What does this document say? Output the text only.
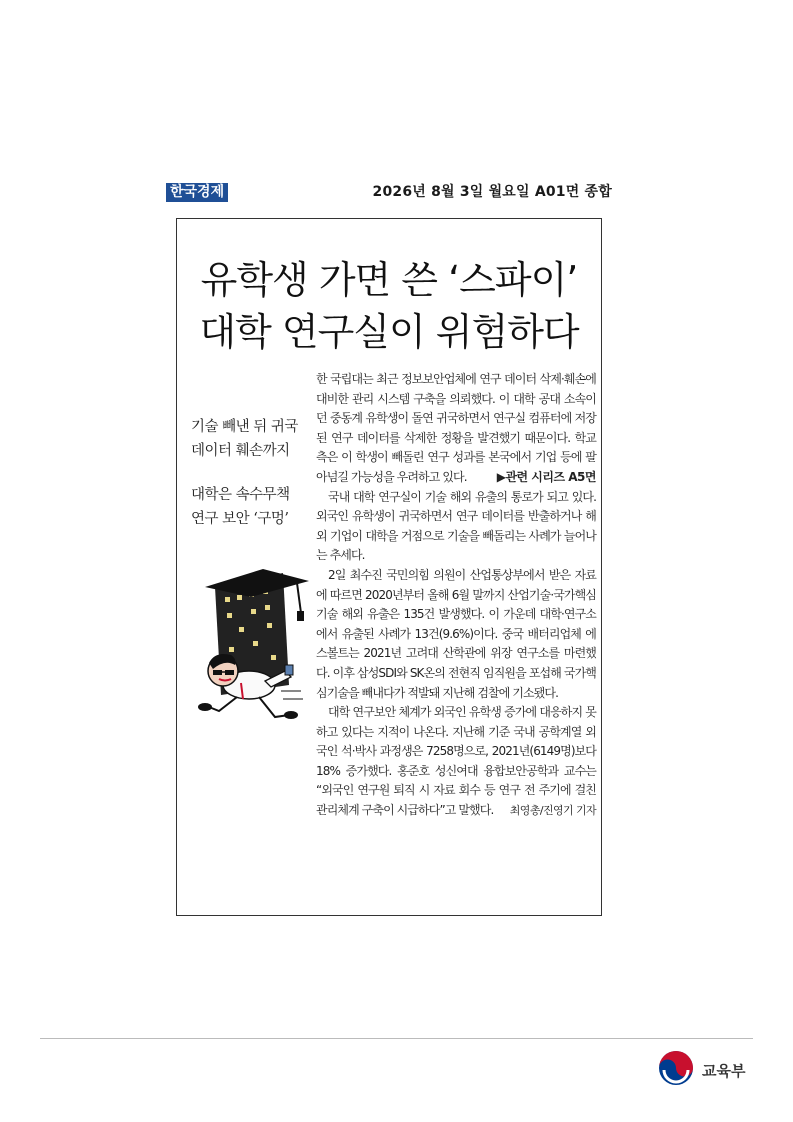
한국경제	2026년 8월 3일 월요일 A01면 종합
유학생 가면 쓴 ‘스파이’
대학 연구실이 위험하다
기술 빼낸 뒤 귀국
데이터 훼손까지
대학은 속수무책
연구 보안 ‘구멍’

한 국립대는 최근 정보보안업체에 연구 데이터 삭제·훼손에 대비한 관리 시스템 구축을 의뢰했다. 이 대학 공대 소속이던 중동계 유학생이 돌연 귀국하면서 연구실 컴퓨터에 저장된 연구 데이터를 삭제한 정황을 발견했기 때문이다. 학교 측은 이 학생이 빼돌린 연구 성과를 본국에서 기업 등에 팔아넘길 가능성을 우려하고 있다.	▶관련 시리즈 A5면

국내 대학 연구실이 기술 해외 유출의 통로가 되고 있다. 외국인 유학생이 귀국하면서 연구 데이터를 반출하거나 해외 기업이 대학을 거점으로 기술을 빼돌리는 사례가 늘어나는 추세다.

2일 최수진 국민의힘 의원이 산업통상부에서 받은 자료에 따르면 2020년부터 올해 6월 말까지 산업기술·국가핵심기술 해외 유출은 135건 발생했다. 이 가운데 대학·연구소에서 유출된 사례가 13건(9.6%)이다. 중국 배터리업체 에스볼트는 2021년 고려대 산학관에 위장 연구소를 마련했다. 이후 삼성SDI와 SK온의 전현직 임직원을 포섭해 국가핵심기술을 빼내다가 적발돼 지난해 검찰에 기소됐다.

대학 연구보안 체계가 외국인 유학생 증가에 대응하지 못하고 있다는 지적이 나온다. 지난해 기준 국내 공학계열 외국인 석·박사 과정생은 7258명으로, 2021년(6149명)보다 18% 증가했다. 홍준호 성신여대 융합보안공학과 교수는 “외국인 연구원 퇴직 시 자료 회수 등 연구 전 주기에 걸친 관리체계 구축이 시급하다”고 말했다.	최영총/진영기 기자

교육부
